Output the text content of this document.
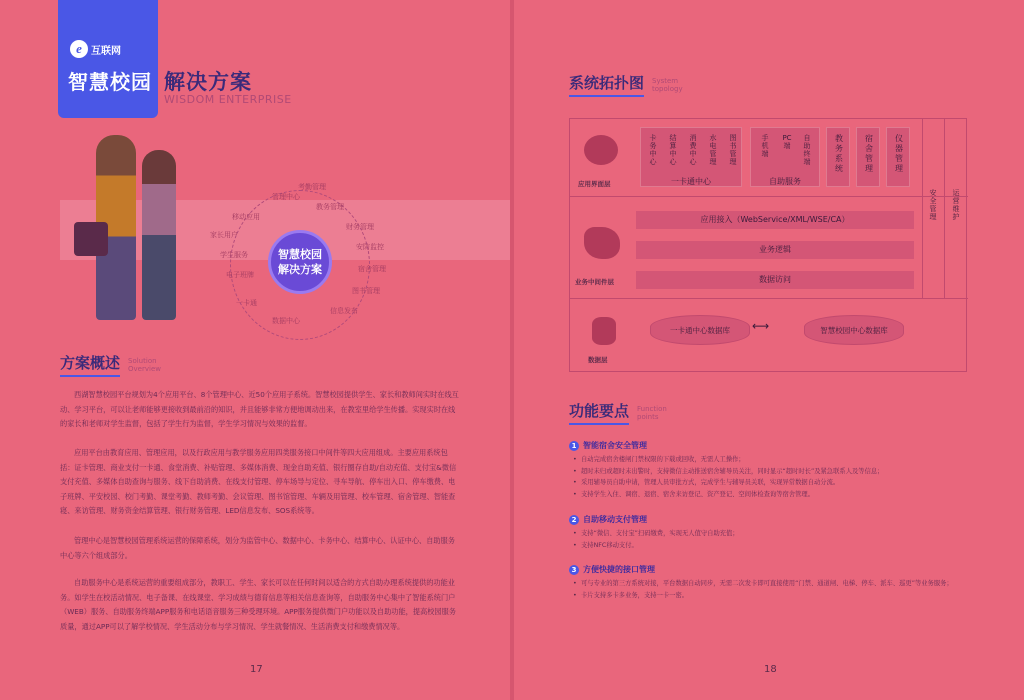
e 互联网
智慧校园 解决方案
WISDOM ENTERPRISE
智慧校园
解决方案
管理中心
家长用户
移动应用
学生服务
电子班牌
一卡通
数据中心
教务管理
财务管理
安防监控
宿舍管理
图书管理
信息发布
考勤管理
方案概述 Solution
Overview

西湖智慧校园平台规划为4个应用平台、8个管理中心、近50个应用子系统。智慧校园提供学生、家长和教师间实时在线互动、学习平台，可以让老师能够更接收到最前沿的知识，并且能够非常方便地调动出来，在教室里给学生传播。实现实时在线的家长和老师对学生监督，包括了学生行为监督，学生学习情况与效果的监督。

应用平台由教育应用、管理应用，以及行政应用与教学服务应用四类服务接口中间件等四大应用组成。主要应用系统包括：证卡管理、商业支付一卡通、食堂消费、补贴管理、多媒体消费、现金自助充值、银行圈存自助/自动充值、支付宝&微信支付充值、多媒体自助查询与服务、线下自助消费、在线支付管理、停车场导与定位、寻车导航、停车出入口、停车缴费、电子班牌、平安校园、校门考勤、课堂考勤、教师考勤、会议管理、图书馆管理、车辆及用管理、校车管理、宿舍管理、智能查寝、来访管理、财务资金结算管理、银行财务管理、LED信息发布、SOS系统等。

管理中心是智慧校园管理系统运营的保障系统，划分为监管中心、数据中心、卡务中心、结算中心、认证中心、自助服务中心等六个组成部分。

自助服务中心是系统运营的重要组成部分，教职工、学生、家长可以在任何时间以适合的方式自助办理系统提供的功能业务。如学生在校活动情况、电子备课、在线课堂、学习成绩与德育信息等相关信息查询等，自助服务中心集中了智能系统门户（WEB）服务、自助服务终端APP服务和电话语音服务三种受理环境。APP服务提供微门户功能以及自助功能，提高校园服务质量，通过APP可以了解学校情况、学生活动分布与学习情况、学生就餐情况、生活消费支付和缴费情况等。

17
系统拓扑图 System
topology
应用界面层
卡务中心
结算中心
消费中心
水电管理
图书管理
一卡通中心
手机端
PC端
自助终端
自助服务
教务系统
宿舍管理
仪器管理
业务中间件层
应用接入（WebService/XML/WSE/CA）
业务逻辑
数据访问
安全管理
运营维护
数据层
一卡通中心数据库	⟷	智慧校园中心数据库
功能要点 Function
points
1 智能宿舍安全管理
• 自动完成宿舍楼闸门禁权限的下载或回收，无需人工操作；
• 超时未归或超时未出警时，支持微信主动推送宿舍辅导员关注，同时显示“超时时长”及紧急联系人及等信息；
• 采用辅导员自助申请，管理人员审批方式，完成学生与辅导员关联，实现异常数据自动分流。
• 支持学生入住、调宿、退宿、宿舍来访登记、资产登记、空间体检查询等宿舍管理。
2 自助移动支付管理
• 支持“微信、支付宝”扫码缴费，实现无人值守自助充值；
• 支持NFC移动支付。
3 方便快捷的接口管理
• 可与专业的第三方系统对接，平台数据自动同步，无需二次发卡即可直接使用“门禁、通道闸、电梯、停车、派车、巡更”等业务服务；
• 卡片支持多卡多业务，支持一卡一密。
18
